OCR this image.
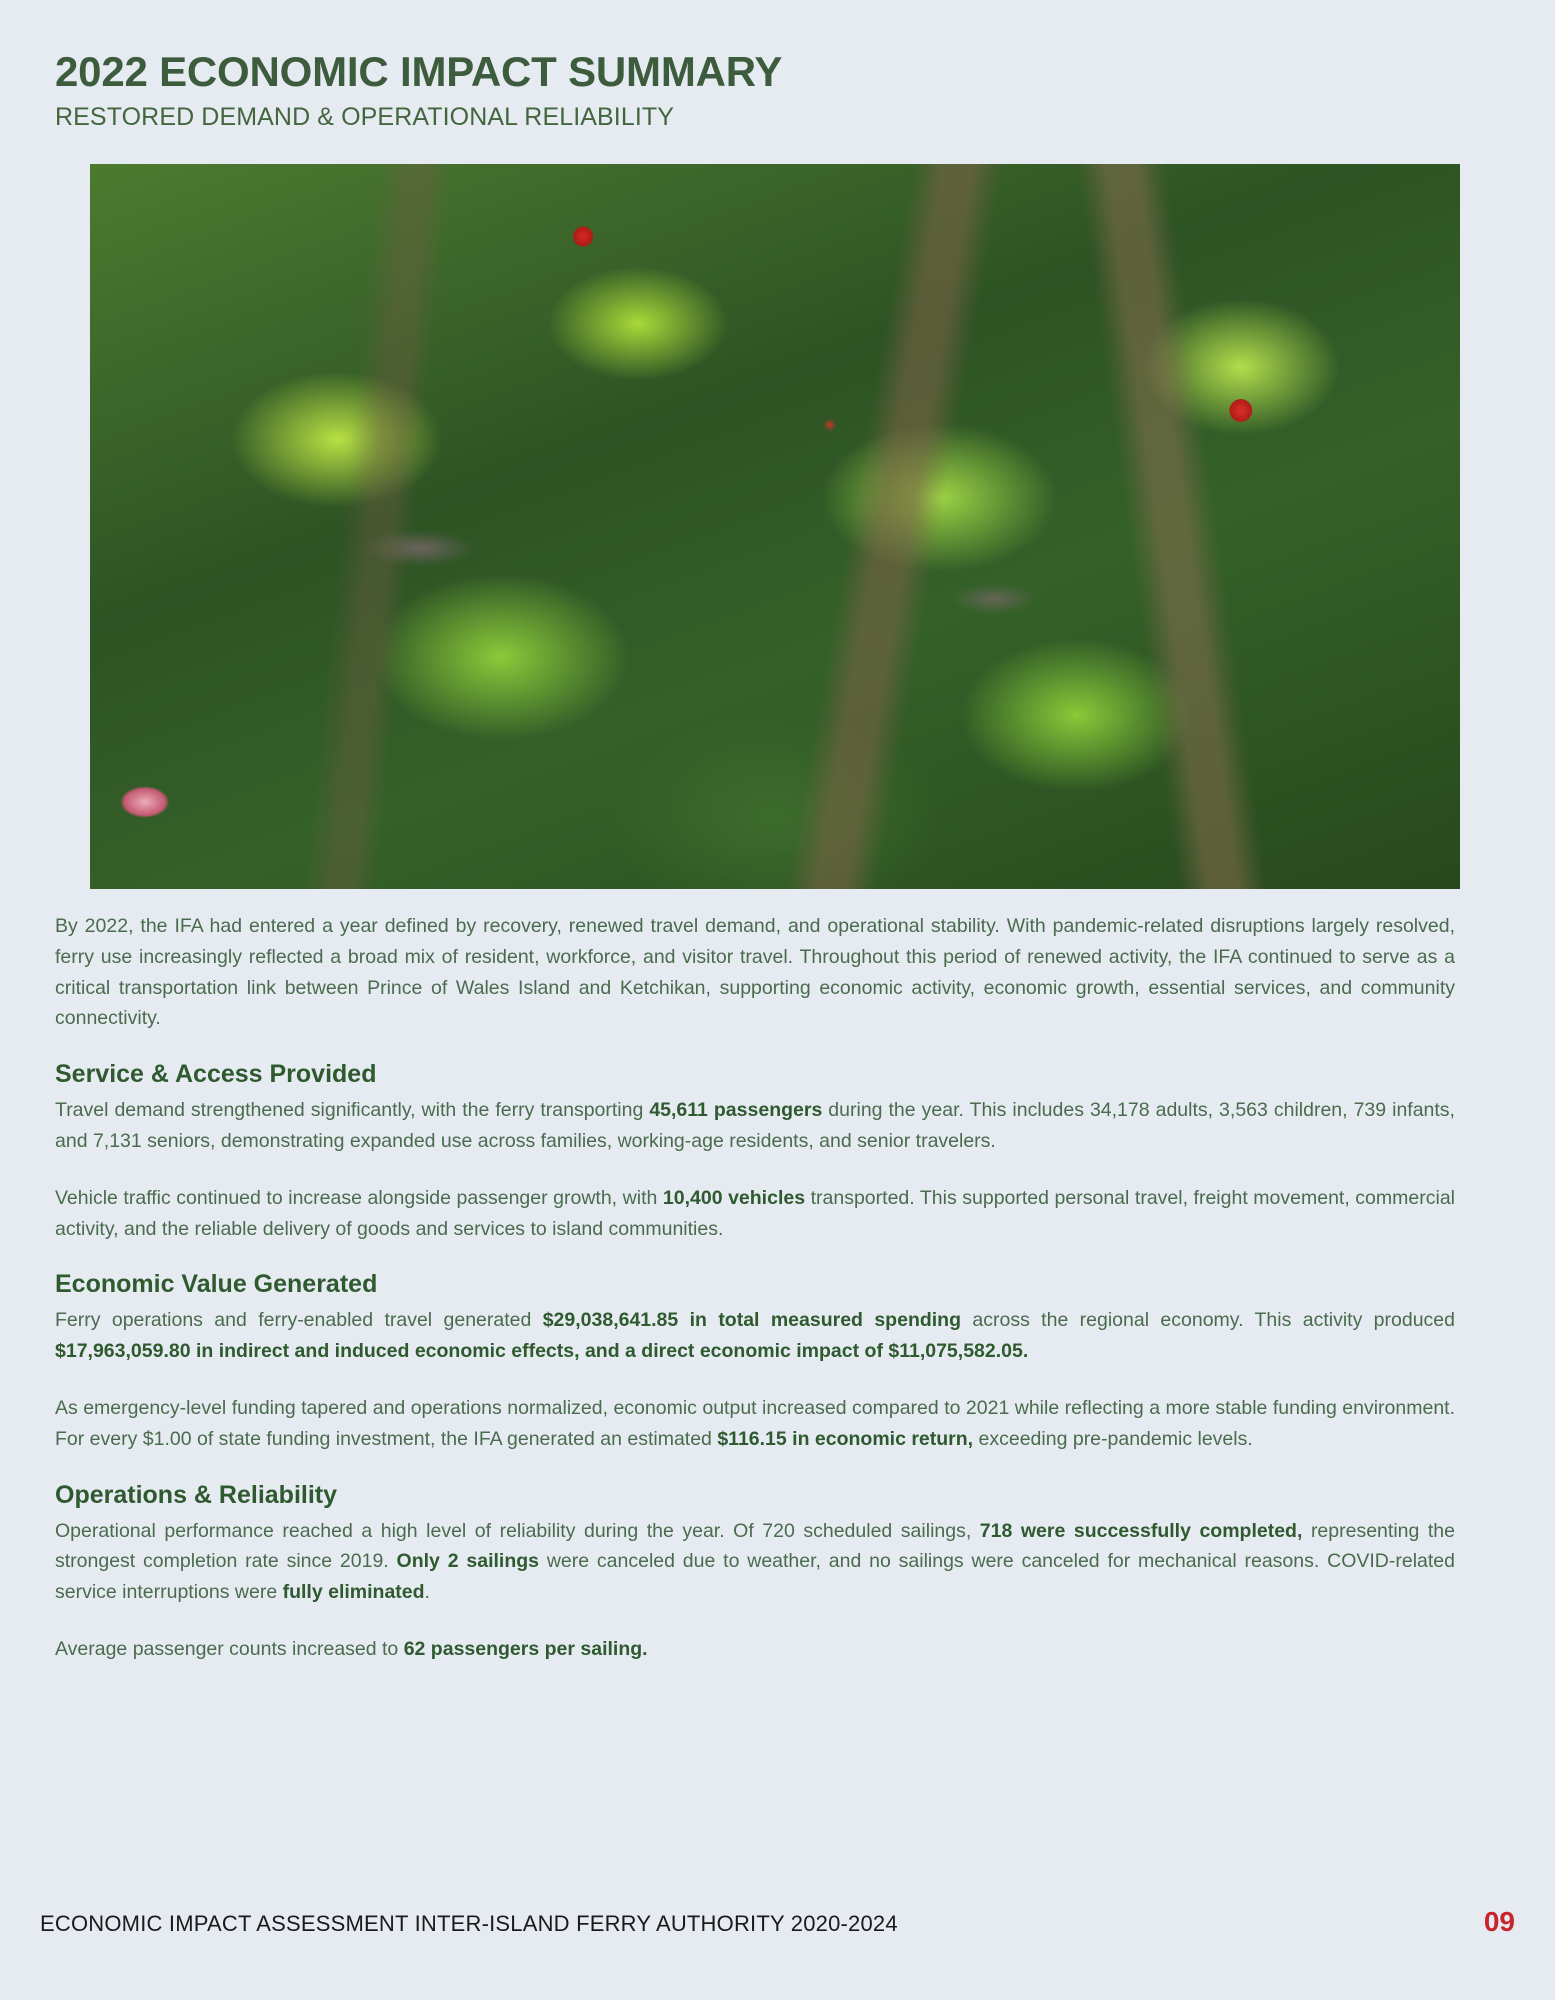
2022 ECONOMIC IMPACT SUMMARY
RESTORED DEMAND & OPERATIONAL RELIABILITY

By 2022, the IFA had entered a year defined by recovery, renewed travel demand, and operational stability. With pandemic-related disruptions largely resolved, ferry use increasingly reflected a broad mix of resident, workforce, and visitor travel. Throughout this period of renewed activity, the IFA continued to serve as a critical transportation link between Prince of Wales Island and Ketchikan, supporting economic activity, economic growth, essential services, and community connectivity.

Service & Access Provided

Travel demand strengthened significantly, with the ferry transporting 45,611 passengers during the year. This includes 34,178 adults, 3,563 children, 739 infants, and 7,131 seniors, demonstrating expanded use across families, working-age residents, and senior travelers.

Vehicle traffic continued to increase alongside passenger growth, with 10,400 vehicles transported. This supported personal travel, freight movement, commercial activity, and the reliable delivery of goods and services to island communities.

Economic Value Generated

Ferry operations and ferry-enabled travel generated $29,038,641.85 in total measured spending across the regional economy. This activity produced $17,963,059.80 in indirect and induced economic effects, and a direct economic impact of $11,075,582.05.

As emergency-level funding tapered and operations normalized, economic output increased compared to 2021 while reflecting a more stable funding environment. For every $1.00 of state funding investment, the IFA generated an estimated $116.15 in economic return, exceeding pre-pandemic levels.

Operations & Reliability

Operational performance reached a high level of reliability during the year. Of 720 scheduled sailings, 718 were successfully completed, representing the strongest completion rate since 2019. Only 2 sailings were canceled due to weather, and no sailings were canceled for mechanical reasons. COVID-related service interruptions were fully eliminated.

Average passenger counts increased to 62 passengers per sailing.

ECONOMIC IMPACT ASSESSMENT INTER-ISLAND FERRY AUTHORITY 2020-2024	09
